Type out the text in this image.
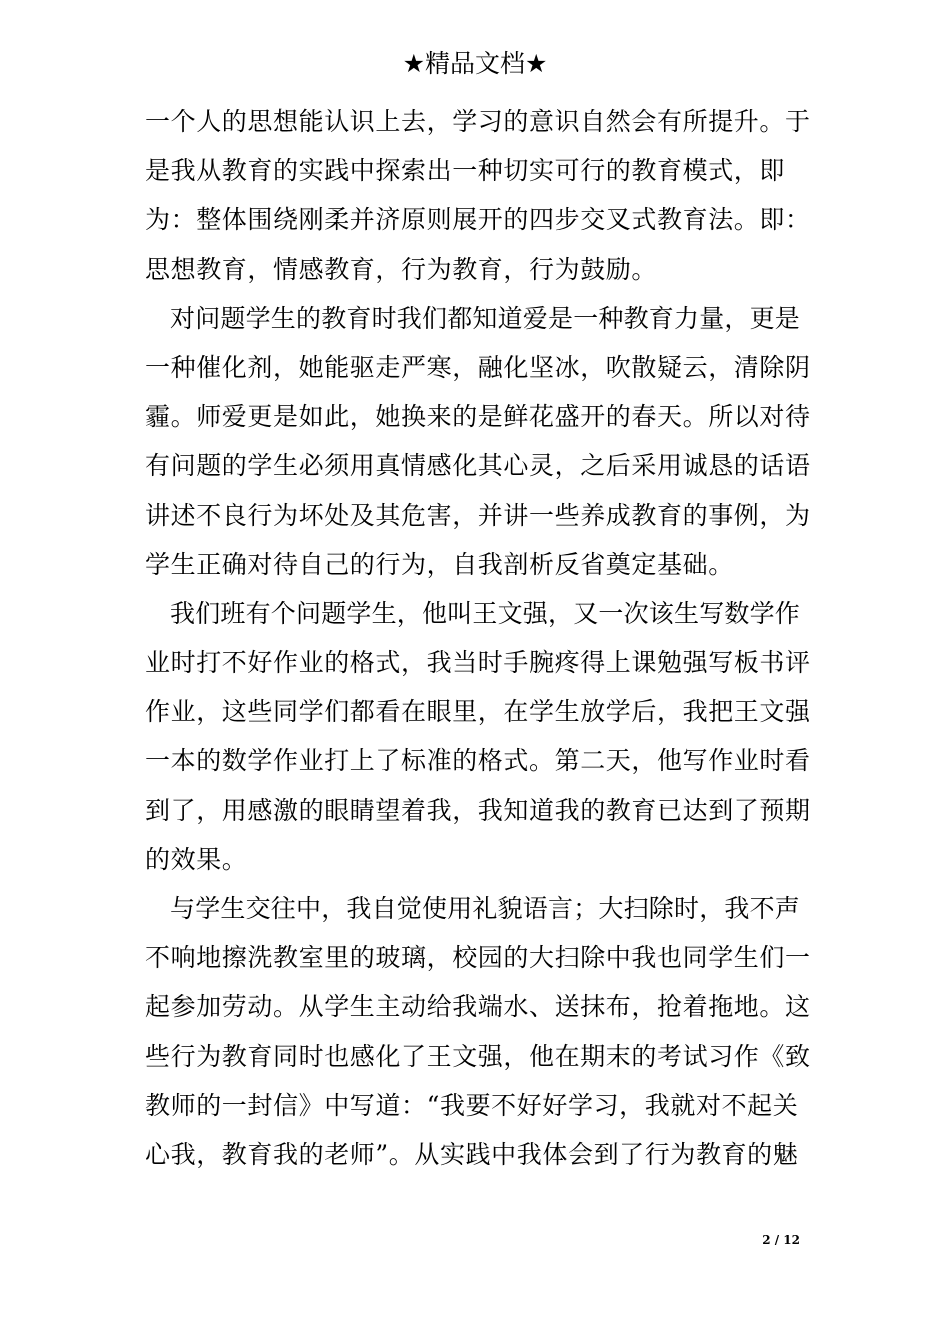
★精品文档★
一个人的思想能认识上去，学习的意识自然会有所提升。于
是我从教育的实践中探索出一种切实可行的教育模式，即
为：整体围绕刚柔并济原则展开的四步交叉式教育法。即：
思想教育，情感教育，行为教育，行为鼓励。
对问题学生的教育时我们都知道爱是一种教育力量，更是
一种催化剂，她能驱走严寒，融化坚冰，吹散疑云，清除阴
霾。师爱更是如此，她换来的是鲜花盛开的春天。所以对待
有问题的学生必须用真情感化其心灵，之后采用诚恳的话语
讲述不良行为坏处及其危害，并讲一些养成教育的事例，为
学生正确对待自己的行为，自我剖析反省奠定基础。
我们班有个问题学生，他叫王文强，又一次该生写数学作
业时打不好作业的格式，我当时手腕疼得上课勉强写板书评
作业，这些同学们都看在眼里，在学生放学后，我把王文强
一本的数学作业打上了标准的格式。第二天，他写作业时看
到了，用感激的眼睛望着我，我知道我的教育已达到了预期
的效果。
与学生交往中，我自觉使用礼貌语言；大扫除时，我不声
不响地擦洗教室里的玻璃，校园的大扫除中我也同学生们一
起参加劳动。从学生主动给我端水、送抹布，抢着拖地。这
些行为教育同时也感化了王文强，他在期末的考试习作《致
教师的一封信》中写道：“我要不好好学习，我就对不起关
心我，教育我的老师”。从实践中我体会到了行为教育的魅
2 / 12
